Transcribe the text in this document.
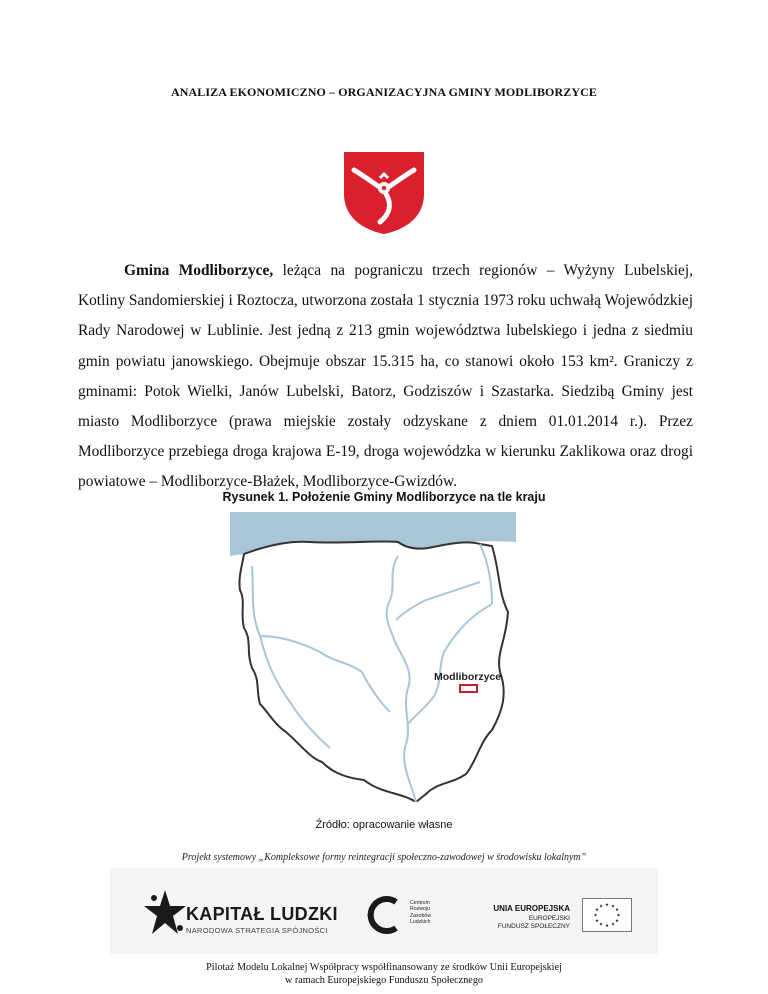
ANALIZA EKONOMICZNO – ORGANIZACYJNA GMINY MODLIBORZYCE
Gmina Modliborzyce, leżąca na pograniczu trzech regionów – Wyżyny Lubelskiej, Kotliny Sandomierskiej i Roztocza, utworzona została 1 stycznia 1973 roku uchwałą Wojewódzkiej Rady Narodowej w Lublinie. Jest jedną z 213 gmin województwa lubelskiego i jedna z siedmiu gmin powiatu janowskiego. Obejmuje obszar 15.315 ha, co stanowi około 153 km². Graniczy z gminami: Potok Wielki, Janów Lubelski, Batorz, Godziszów i Szastarka. Siedzibą Gminy jest miasto Modliborzyce (prawa miejskie zostały odzyskane z dniem 01.01.2014 r.). Przez Modliborzyce przebiega droga krajowa E-19, droga wojewódzka w kierunku Zaklikowa oraz drogi powiatowe – Modliborzyce-Błażek, Modliborzyce-Gwizdów.
Rysunek 1. Położenie Gminy Modliborzyce na tle kraju
Modliborzyce
Źródło: opracowanie własne
Projekt systemowy „Kompleksowe formy reintegracji społeczno-zawodowej w środowisku lokalnym”
KAPITAŁ LUDZKI
NARODOWA STRATEGIA SPÓJNOŚCI
Centrum
Rozwoju
Zasobów
Ludzkich
UNIA EUROPEJSKA
EUROPEJSKI
FUNDUSZ SPOŁECZNY
★ ★
★
★
★
★
★
★
★
★
★
★
Pilotaż Modelu Lokalnej Współpracy współfinansowany ze środków Unii Europejskiej
w ramach Europejskiego Funduszu Społecznego
